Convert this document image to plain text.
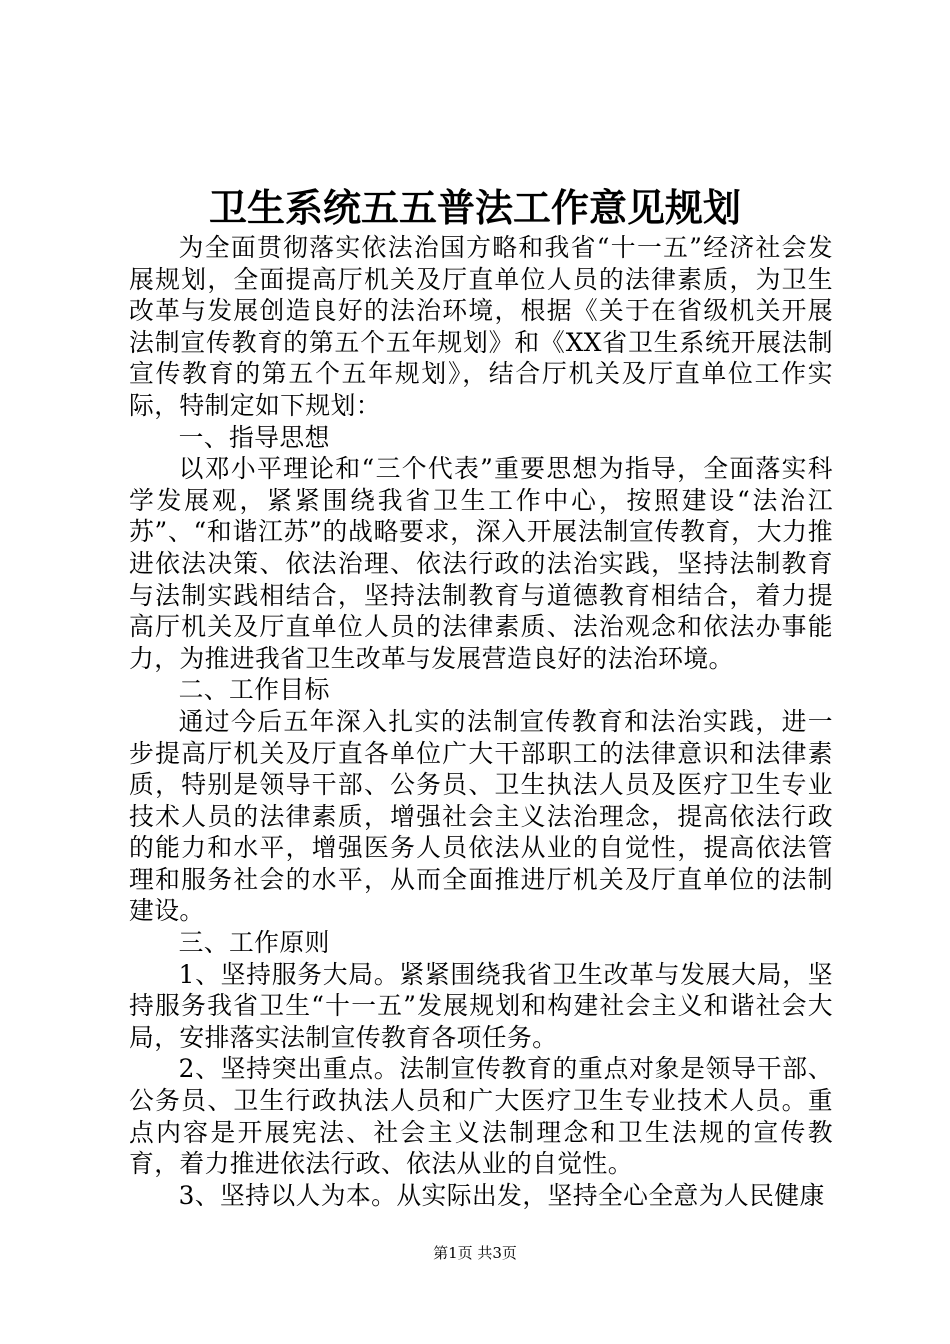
卫生系统五五普法工作意见规划

为全面贯彻落实依法治国方略和我省“十一五”经济社会发展规划，全面提高厅机关及厅直单位人员的法律素质，为卫生改革与发展创造良好的法治环境，根据《关于在省级机关开展法制宣传教育的第五个五年规划》和《XX省卫生系统开展法制宣传教育的第五个五年规划》，结合厅机关及厅直单位工作实际，特制定如下规划：

一、指导思想

以邓小平理论和“三个代表”重要思想为指导，全面落实科学发展观，紧紧围绕我省卫生工作中心，按照建设“法治江苏”、“和谐江苏”的战略要求，深入开展法制宣传教育，大力推进依法决策、依法治理、依法行政的法治实践，坚持法制教育与法制实践相结合，坚持法制教育与道德教育相结合，着力提高厅机关及厅直单位人员的法律素质、法治观念和依法办事能力，为推进我省卫生改革与发展营造良好的法治环境。

二、工作目标

通过今后五年深入扎实的法制宣传教育和法治实践，进一步提高厅机关及厅直各单位广大干部职工的法律意识和法律素质，特别是领导干部、公务员、卫生执法人员及医疗卫生专业技术人员的法律素质，增强社会主义法治理念，提高依法行政的能力和水平，增强医务人员依法从业的自觉性，提高依法管理和服务社会的水平，从而全面推进厅机关及厅直单位的法制建设。

三、工作原则

1、坚持服务大局。紧紧围绕我省卫生改革与发展大局，坚持服务我省卫生“十一五”发展规划和构建社会主义和谐社会大局，安排落实法制宣传教育各项任务。

2、坚持突出重点。法制宣传教育的重点对象是领导干部、公务员、卫生行政执法人员和广大医疗卫生专业技术人员。重点内容是开展宪法、社会主义法制理念和卫生法规的宣传教育，着力推进依法行政、依法从业的自觉性。

3、坚持以人为本。从实际出发，坚持全心全意为人民健康

第1页 共3页
